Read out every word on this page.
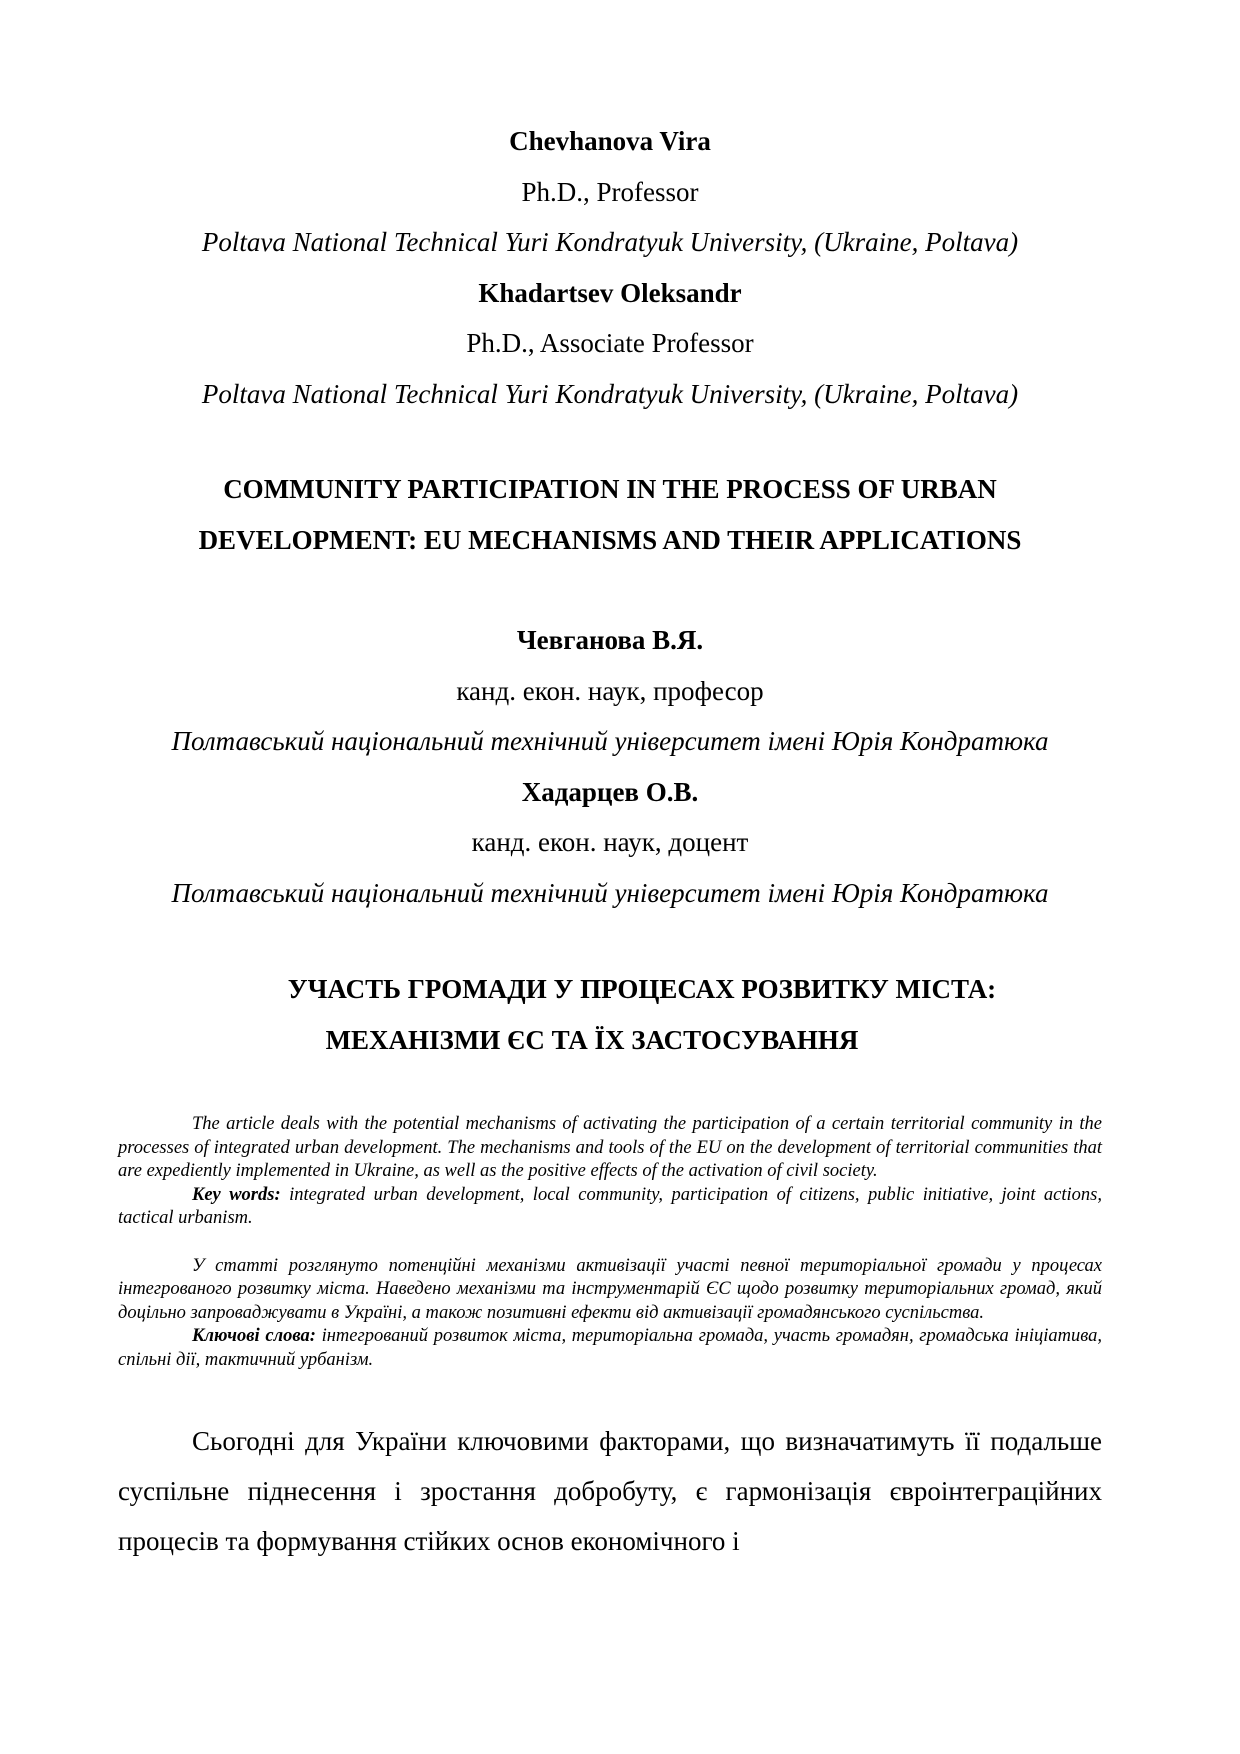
Chevhanova Vira

Ph.D., Professor

Poltava National Technical Yuri Kondratyuk University, (Ukraine, Poltava)

Khadartsev Oleksandr

Ph.D., Associate Professor

Poltava National Technical Yuri Kondratyuk University, (Ukraine, Poltava)

COMMUNITY PARTICIPATION IN THE PROCESS OF URBAN

DEVELOPMENT: EU MECHANISMS AND THEIR APPLICATIONS

Чевганова В.Я.

канд. екон. наук, професор

Полтавський національний технічний університет імені Юрія Кондратюка

Хадарцев О.В.

канд. екон. наук, доцент

Полтавський національний технічний університет імені Юрія Кондратюка

УЧАСТЬ ГРОМАДИ У ПРОЦЕСАХ РОЗВИТКУ МІСТА:

МЕХАНІЗМИ ЄС ТА ЇХ ЗАСТОСУВАННЯ

The article deals with the potential mechanisms of activating the participation of a certain territorial community in the processes of integrated urban development. The mechanisms and tools of the EU on the development of territorial communities that are expediently implemented in Ukraine, as well as the positive effects of the activation of civil society.

Key words: integrated urban development, local community, participation of citizens, public initiative, joint actions, tactical urbanism.

У статті розглянуто потенційні механізми активізації участі певної територіальної громади у процесах інтегрованого розвитку міста. Наведено механізми та інструментарій ЄС щодо розвитку територіальних громад, який доцільно запроваджувати в Україні, а також позитивні ефекти від активізації громадянського суспільства.

Ключові слова: інтегрований розвиток міста, територіальна громада, участь громадян, громадська ініціатива, спільні дії, тактичний урбанізм.

Сьогодні для України ключовими факторами, що визначатимуть її подальше суспільне піднесення і зростання добробуту, є гармонізація євроінтеграційних процесів та формування стійких основ економічного і
